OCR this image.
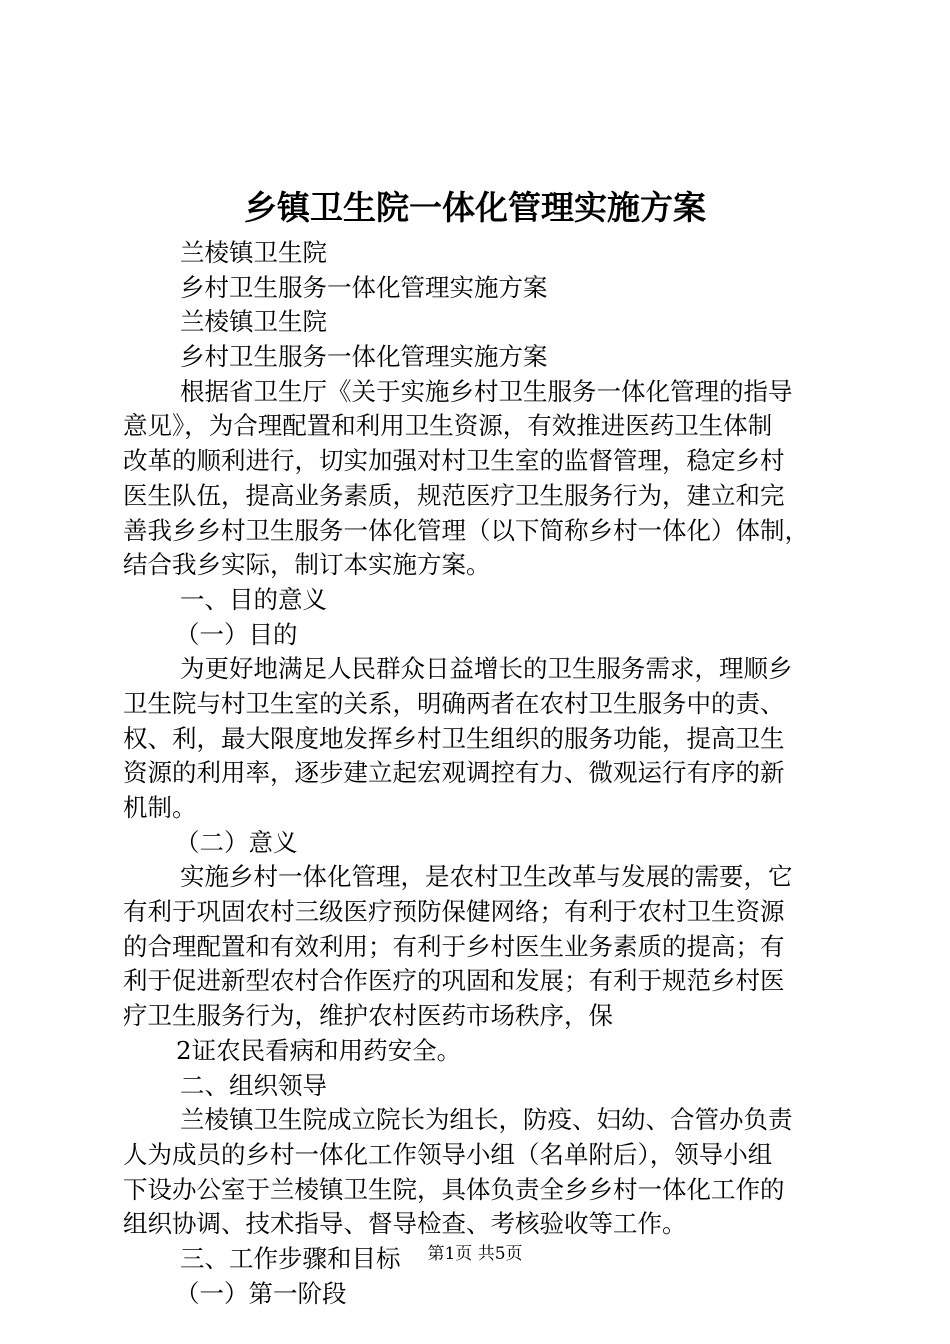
乡镇卫生院一体化管理实施方案
兰棱镇卫生院
乡村卫生服务一体化管理实施方案
兰棱镇卫生院
乡村卫生服务一体化管理实施方案
根据省卫生厅《关于实施乡村卫生服务一体化管理的指导
意见》，为合理配置和利用卫生资源，有效推进医药卫生体制
改革的顺利进行，切实加强对村卫生室的监督管理，稳定乡村
医生队伍，提高业务素质，规范医疗卫生服务行为，建立和完
善我乡乡村卫生服务一体化管理（以下简称乡村一体化）体制，
结合我乡实际，制订本实施方案。
一、目的意义
（一）目的
为更好地满足人民群众日益增长的卫生服务需求，理顺乡
卫生院与村卫生室的关系，明确两者在农村卫生服务中的责、
权、利，最大限度地发挥乡村卫生组织的服务功能，提高卫生
资源的利用率，逐步建立起宏观调控有力、微观运行有序的新
机制。
（二）意义
实施乡村一体化管理，是农村卫生改革与发展的需要，它
有利于巩固农村三级医疗预防保健网络；有利于农村卫生资源
的合理配置和有效利用；有利于乡村医生业务素质的提高；有
利于促进新型农村合作医疗的巩固和发展；有利于规范乡村医
疗卫生服务行为，维护农村医药市场秩序，保
2证农民看病和用药安全。
二、组织领导
兰棱镇卫生院成立院长为组长，防疫、妇幼、合管办负责
人为成员的乡村一体化工作领导小组（名单附后），领导小组
下设办公室于兰棱镇卫生院，具体负责全乡乡村一体化工作的
组织协调、技术指导、督导检查、考核验收等工作。
三、工作步骤和目标
（一）第一阶段
第1页 共5页
